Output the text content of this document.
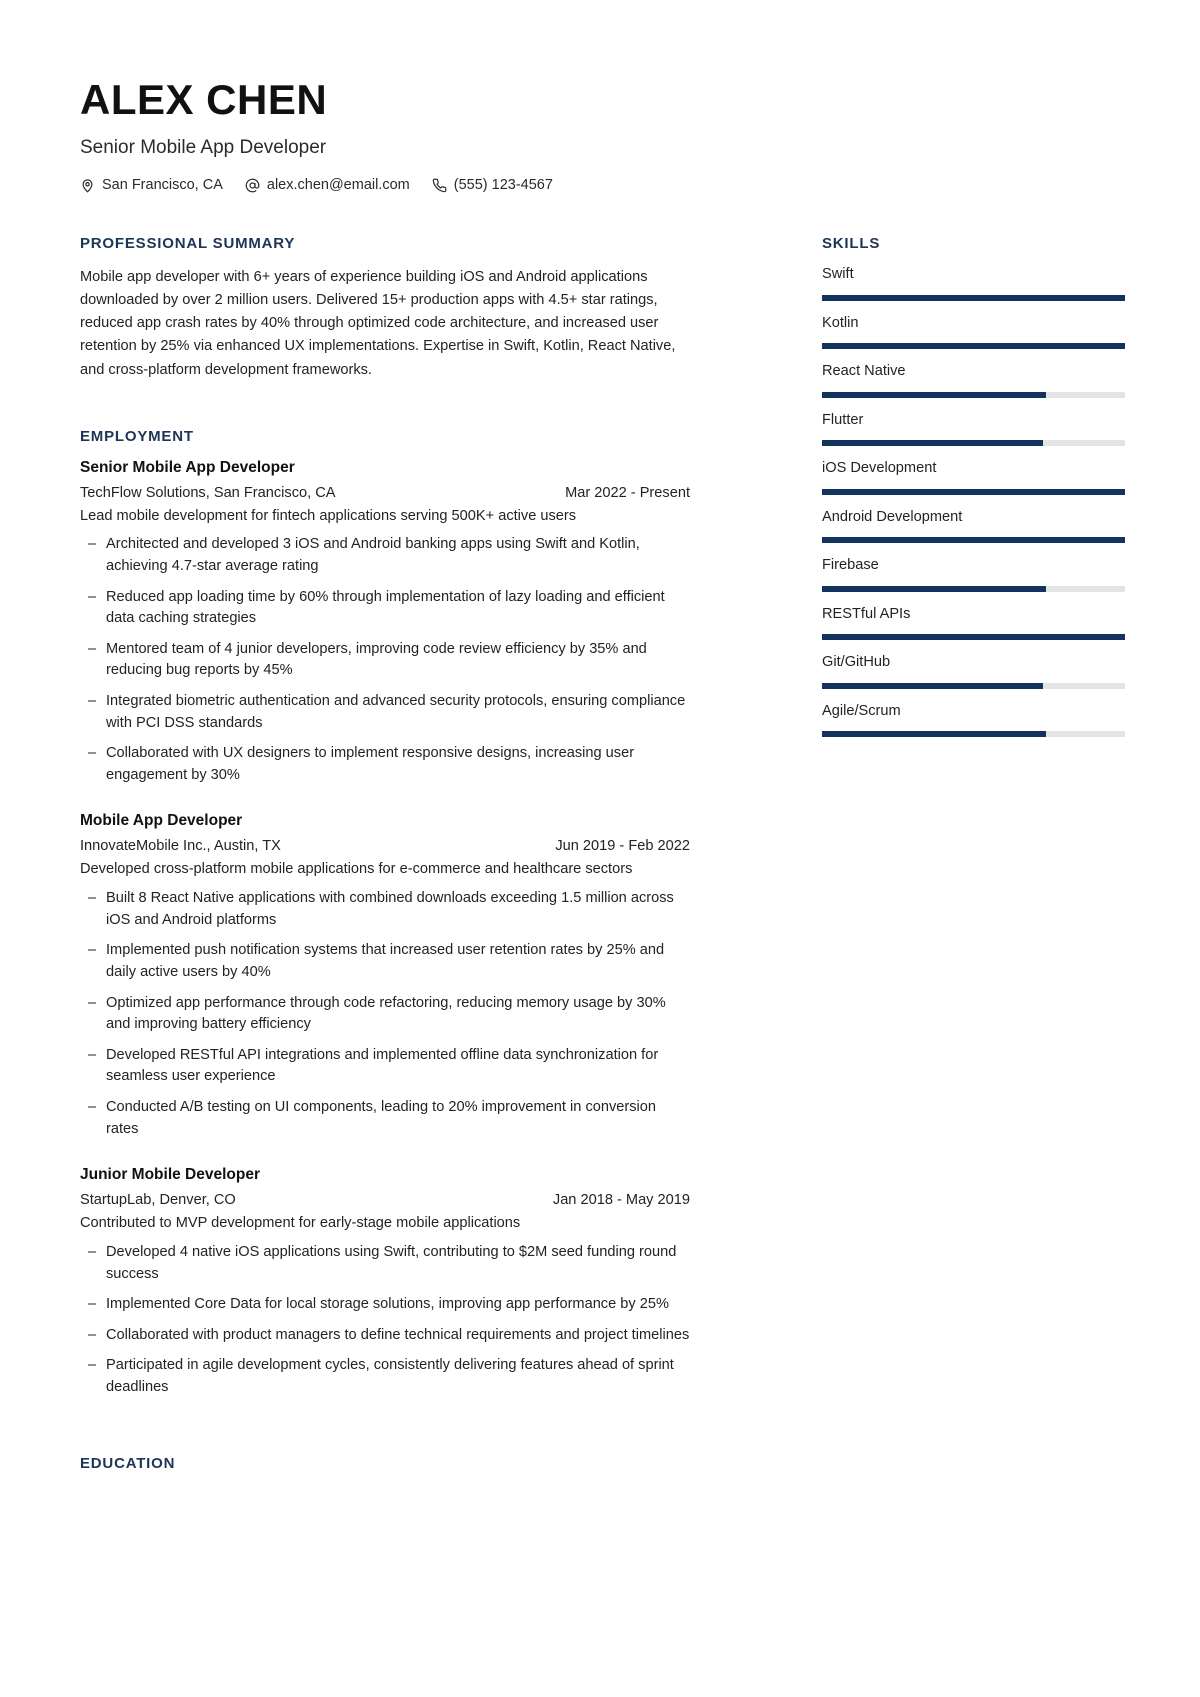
ALEX CHEN
Senior Mobile App Developer
San Francisco, CA	alex.chen@email.com	(555) 123-4567
PROFESSIONAL SUMMARY

Mobile app developer with 6+ years of experience building iOS and Android applications downloaded by over 2 million users. Delivered 15+ production apps with 4.5+ star ratings, reduced app crash rates by 40% through optimized code architecture, and increased user retention by 25% via enhanced UX implementations. Expertise in Swift, Kotlin, React Native, and cross-platform development frameworks.

EMPLOYMENT
Senior Mobile App Developer
TechFlow Solutions, San Francisco, CA	Mar 2022 - Present

Lead mobile development for fintech applications serving 500K+ active users

– Architected and developed 3 iOS and Android banking apps using Swift and Kotlin, achieving 4.7-star average rating
– Reduced app loading time by 60% through implementation of lazy loading and efficient data caching strategies
– Mentored team of 4 junior developers, improving code review efficiency by 35% and reducing bug reports by 45%
– Integrated biometric authentication and advanced security protocols, ensuring compliance with PCI DSS standards
– Collaborated with UX designers to implement responsive designs, increasing user engagement by 30%
Mobile App Developer
InnovateMobile Inc., Austin, TX	Jun 2019 - Feb 2022

Developed cross-platform mobile applications for e-commerce and healthcare sectors

– Built 8 React Native applications with combined downloads exceeding 1.5 million across iOS and Android platforms
– Implemented push notification systems that increased user retention rates by 25% and daily active users by 40%
– Optimized app performance through code refactoring, reducing memory usage by 30% and improving battery efficiency
– Developed RESTful API integrations and implemented offline data synchronization for seamless user experience
– Conducted A/B testing on UI components, leading to 20% improvement in conversion rates
Junior Mobile Developer
StartupLab, Denver, CO	Jan 2018 - May 2019

Contributed to MVP development for early-stage mobile applications

– Developed 4 native iOS applications using Swift, contributing to $2M seed funding round success
– Implemented Core Data for local storage solutions, improving app performance by 25%
– Collaborated with product managers to define technical requirements and project timelines
– Participated in agile development cycles, consistently delivering features ahead of sprint deadlines
EDUCATION
SKILLS
Swift
Kotlin
React Native
Flutter
iOS Development
Android Development
Firebase
RESTful APIs
Git/GitHub
Agile/Scrum
